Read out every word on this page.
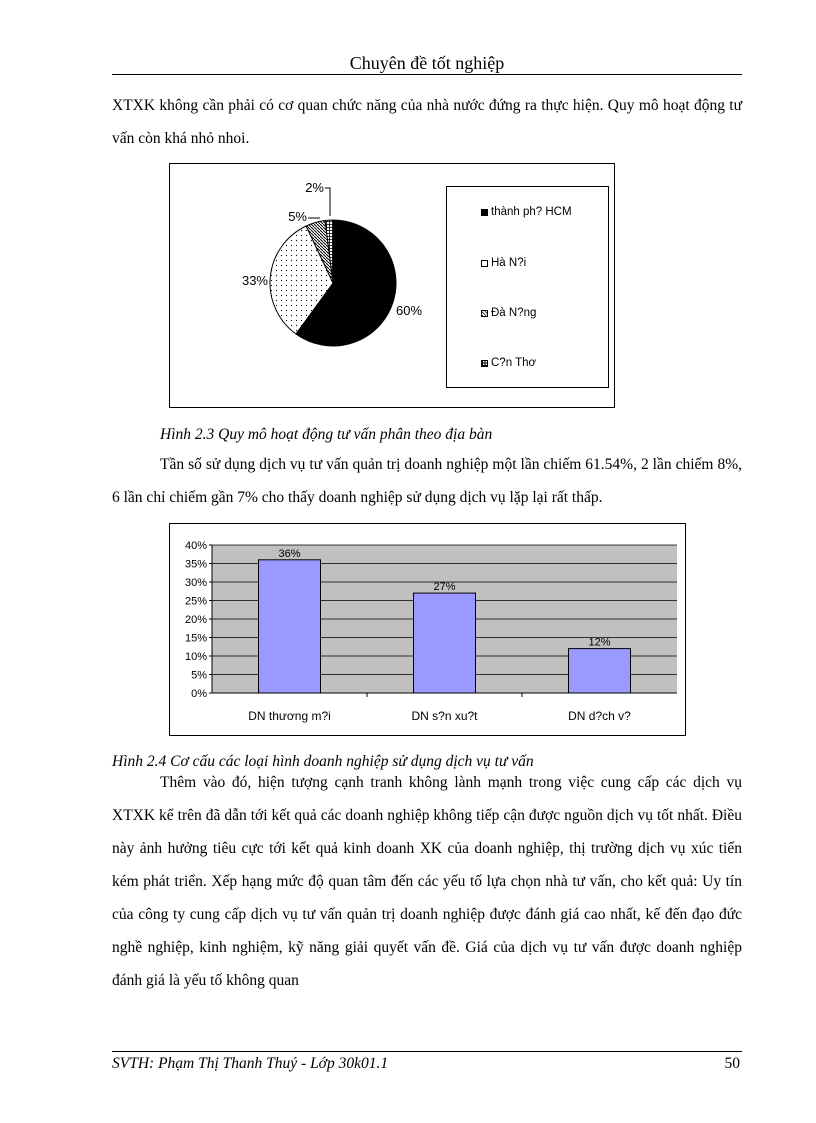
Chuyên đề tốt nghiệp

XTXK không cần phải có cơ quan chức năng của nhà nước đứng ra thực hiện. Quy mô hoạt động tư vấn còn khá nhỏ nhoi.

60%
33%
5%
2%
thành ph? HCM
Hà N?i
Đà N?ng
C?n Thơ
Hình 2.3 Quy mô hoạt động tư vấn phân theo địa bàn

Tần số sử dụng dịch vụ tư vấn quản trị doanh nghiệp một lần chiếm 61.54%, 2 lần chiếm 8%, 6 lần chỉ chiếm gần 7% cho thấy doanh nghiệp sử dụng dịch vụ lặp lại rất thấp.

0%
5%
10%
15%
20%
25%
30%
35%
40%
36%
DN thương m?i
27%
DN s?n xu?t
12%
DN d?ch v?
Hình 2.4 Cơ cấu các loại hình doanh nghiệp sử dụng dịch vụ tư vấn

Thêm vào đó, hiện tượng cạnh tranh không lành mạnh trong việc cung cấp các dịch vụ XTXK kể trên đã dẫn tới kết quả các doanh nghiệp không tiếp cận được nguồn dịch vụ tốt nhất. Điều này ảnh hưởng tiêu cực tới kết quả kinh doanh XK của doanh nghiệp, thị trường dịch vụ xúc tiến kém phát triển. Xếp hạng mức độ quan tâm đến các yếu tố lựa chọn nhà tư vấn, cho kết quả: Uy tín của công ty cung cấp dịch vụ tư vấn quản trị doanh nghiệp được đánh giá cao nhất, kế đến đạo đức nghề nghiệp, kinh nghiệm, kỹ năng giải quyết vấn đề. Giá của dịch vụ tư vấn được doanh nghiệp đánh giá là yếu tố không quan

SVTH: Phạm Thị Thanh Thuý - Lớp 30k01.1	50
